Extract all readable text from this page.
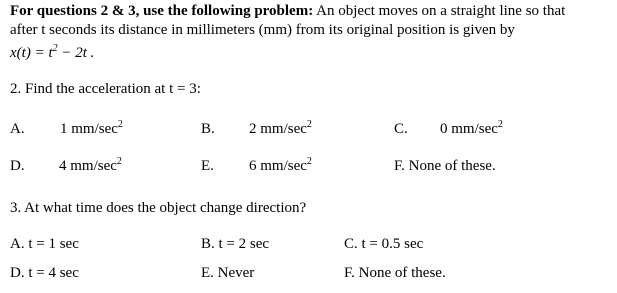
For questions 2 & 3, use the following problem: An object moves on a straight line so that
after t seconds its distance in millimeters (mm) from its original position is given by
$x(t) = t^2 - 2t$ .
2. Find the acceleration at t = 3:
A. 1 $mm/\sec^2$	B. 2 $mm/\sec^2$	C. 0 $mm/\sec^2$
D. 4 $mm/\sec^2$	E. 6 $mm/\sec^2$	F. None of these.
3. At what time does the object change direction?
A. t = 1 sec	B. t = 2 sec	C. t = 0.5 sec
D. t = 4 sec	E. Never	F. None of these.
